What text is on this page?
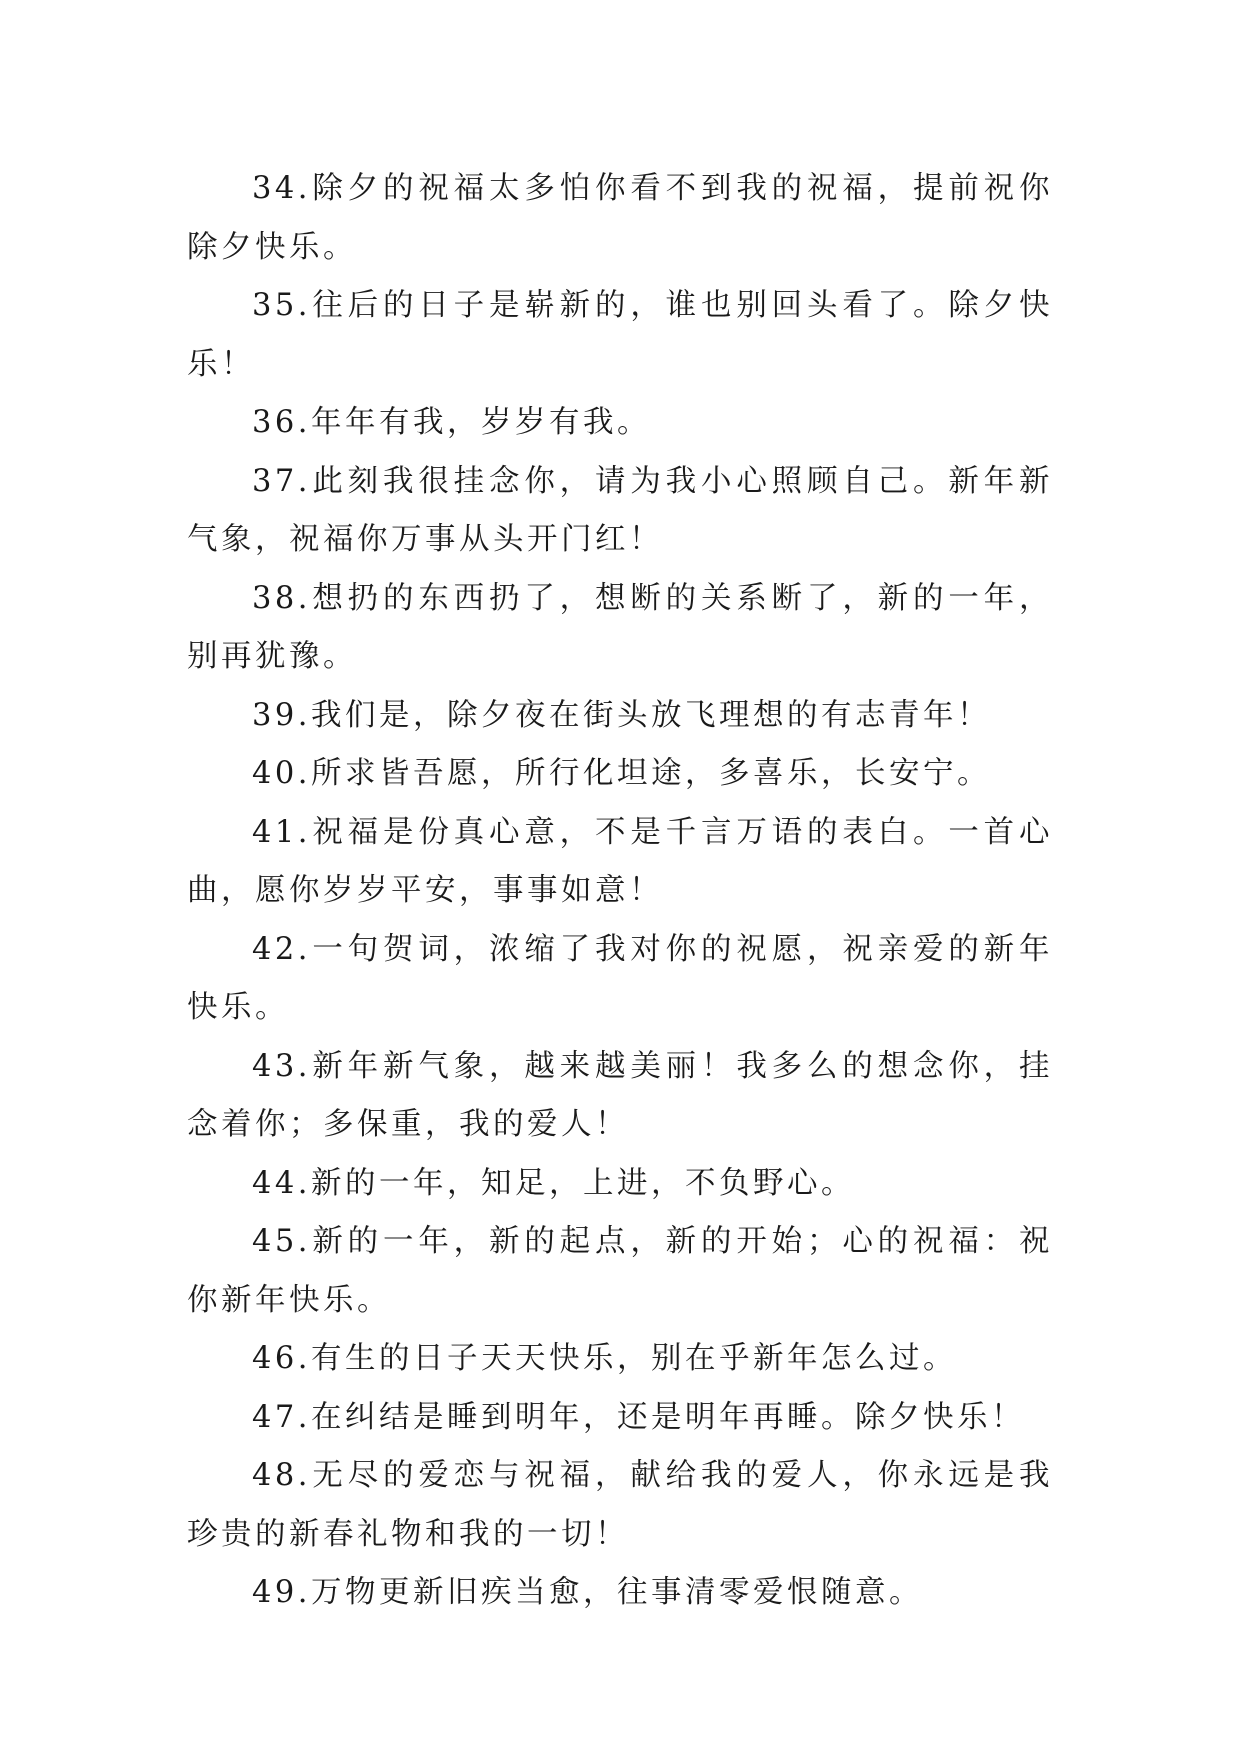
34.除夕的祝福太多怕你看不到我的祝福，提前祝你除夕快乐。

35.往后的日子是崭新的，谁也别回头看了。除夕快乐！

36.年年有我，岁岁有我。

37.此刻我很挂念你，请为我小心照顾自己。新年新气象，祝福你万事从头开门红！

38.想扔的东西扔了，想断的关系断了，新的一年，别再犹豫。

39.我们是，除夕夜在街头放飞理想的有志青年！

40.所求皆吾愿，所行化坦途，多喜乐，长安宁。

41.祝福是份真心意，不是千言万语的表白。一首心曲，愿你岁岁平安，事事如意！

42.一句贺词，浓缩了我对你的祝愿，祝亲爱的新年快乐。

43.新年新气象，越来越美丽！我多么的想念你，挂念着你；多保重，我的爱人！

44.新的一年，知足，上进，不负野心。

45.新的一年，新的起点，新的开始；心的祝福：祝你新年快乐。

46.有生的日子天天快乐，别在乎新年怎么过。

47.在纠结是睡到明年，还是明年再睡。除夕快乐！

48.无尽的爱恋与祝福，献给我的爱人，你永远是我珍贵的新春礼物和我的一切！

49.万物更新旧疾当愈，往事清零爱恨随意。
